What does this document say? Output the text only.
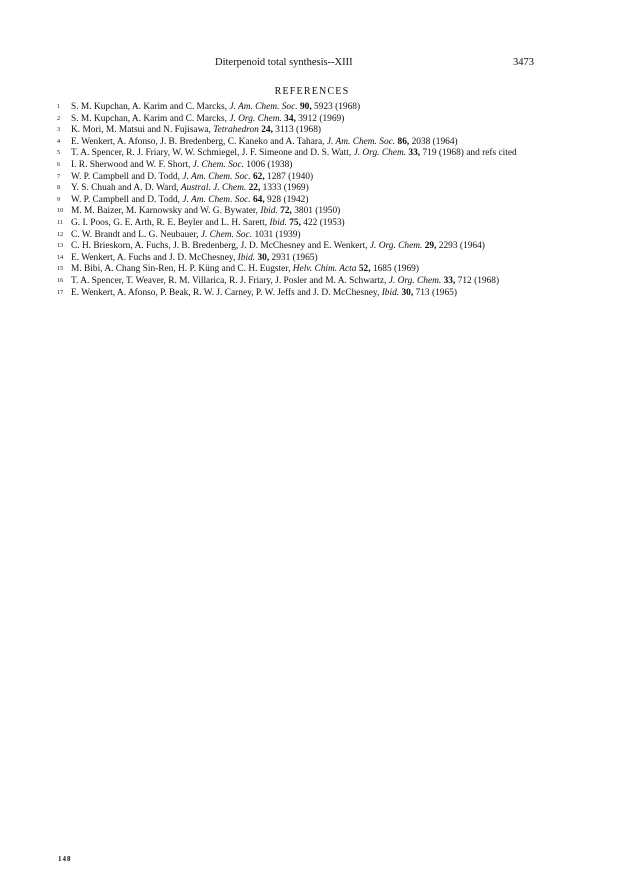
Diterpenoid total synthesis--XIII	3473
REFERENCES
1 S. M. Kupchan, A. Karim and C. Marcks, J. Am. Chem. Soc. 90, 5923 (1968)
2 S. M. Kupchan, A. Karim and C. Marcks, J. Org. Chem. 34, 3912 (1969)
3 K. Mori, M. Matsui and N. Fujisawa, Tetrahedron 24, 3113 (1968)
4 E. Wenkert, A. Afonso, J. B. Bredenberg, C. Kaneko and A. Tahara, J. Am. Chem. Soc. 86, 2038 (1964)
5 T. A. Spencer, R. J. Friary, W. W. Schmiegel, J. F. Simeone and D. S. Watt, J. Org. Chem. 33, 719 (1968) and refs cited
6 I. R. Sherwood and W. F. Short, J. Chem. Soc. 1006 (1938)
7 W. P. Campbell and D. Todd, J. Am. Chem. Soc. 62, 1287 (1940)
8 Y. S. Chuah and A. D. Ward, Austral. J. Chem. 22, 1333 (1969)
9 W. P. Campbell and D. Todd, J. Am. Chem. Soc. 64, 928 (1942)
10 M. M. Baizer, M. Karnowsky and W. G. Bywater, Ibid. 72, 3801 (1950)
11 G. I. Poos, G. E. Arth, R. E. Beyler and L. H. Sarett, Ibid. 75, 422 (1953)
12 C. W. Brandt and L. G. Neubauer, J. Chem. Soc. 1031 (1939)
13 C. H. Brieskorn, A. Fuchs, J. B. Bredenberg, J. D. McChesney and E. Wenkert, J. Org. Chem. 29, 2293 (1964)
14 E. Wenkert, A. Fuchs and J. D. McChesney, Ibid. 30, 2931 (1965)
15 M. Bibi, A. Chang Sin-Ren, H. P. Küng and C. H. Eugster, Helv. Chim. Acta 52, 1685 (1969)
16 T. A. Spencer, T. Weaver, R. M. Villarica, R. J. Friary, J. Posler and M. A. Schwartz, J. Org. Chem. 33, 712 (1968)
17 E. Wenkert, A. Afonso, P. Beak, R. W. J. Carney, P. W. Jeffs and J. D. McChesney, Ibid. 30, 713 (1965)
148
